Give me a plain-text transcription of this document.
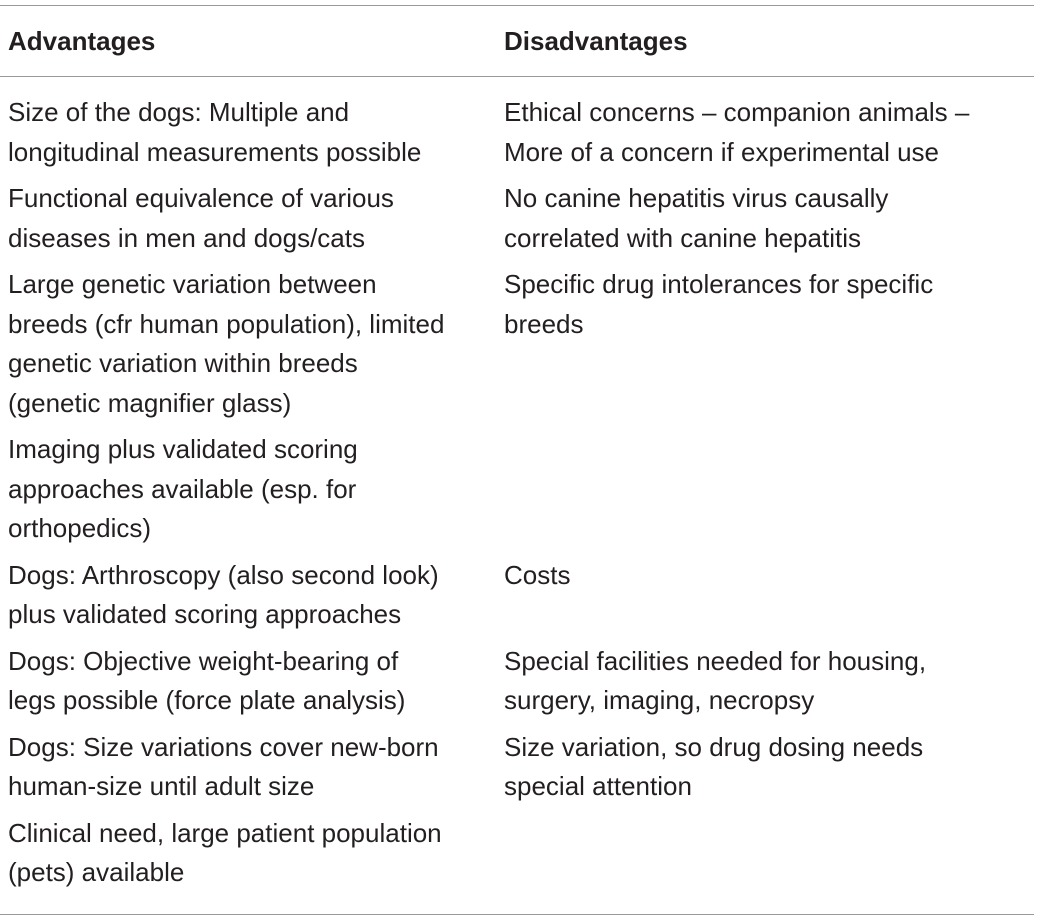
Advantages	Disadvantages
Size of the dogs: Multiple and
longitudinal measurements possible
Ethical concerns – companion animals –
More of a concern if experimental use
Functional equivalence of various
diseases in men and dogs/cats
No canine hepatitis virus causally
correlated with canine hepatitis
Large genetic variation between
breeds (cfr human population), limited
genetic variation within breeds
(genetic magnifier glass)
Specific drug intolerances for specific
breeds
Imaging plus validated scoring
approaches available (esp. for
orthopedics)
Dogs: Arthroscopy (also second look)
plus validated scoring approaches
Costs
Dogs: Objective weight-bearing of
legs possible (force plate analysis)
Special facilities needed for housing,
surgery, imaging, necropsy
Dogs: Size variations cover new-born
human-size until adult size
Size variation, so drug dosing needs
special attention
Clinical need, large patient population
(pets) available
